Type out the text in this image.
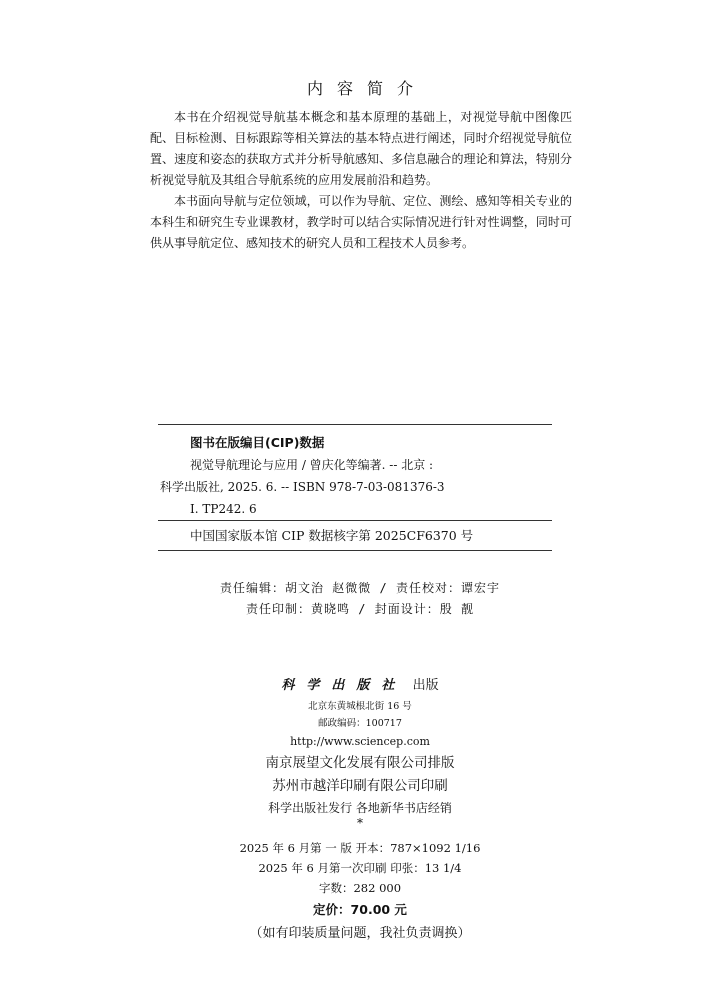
内容简介

本书在介绍视觉导航基本概念和基本原理的基础上，对视觉导航中图像匹配、目标检测、目标跟踪等相关算法的基本特点进行阐述，同时介绍视觉导航位置、速度和姿态的获取方式并分析导航感知、多信息融合的理论和算法，特别分析视觉导航及其组合导航系统的应用发展前沿和趋势。

本书面向导航与定位领域，可以作为导航、定位、测绘、感知等相关专业的本科生和研究生专业课教材，教学时可以结合实际情况进行针对性调整，同时可供从事导航定位、感知技术的研究人员和工程技术人员参考。

图书在版编目(CIP)数据
视觉导航理论与应用 / 曾庆化等编著. -- 北京 :
科学出版社, 2025. 6. -- ISBN 978-7-03-081376-3
Ⅰ. TP242. 6
中国国家版本馆 CIP 数据核字第 2025CF6370 号
责任编辑：胡文治 赵微微 / 责任校对：谭宏宇
责任印制：黄晓鸣 / 封面设计：殷 靓
科学出版社 出版
北京东黄城根北街 16 号
邮政编码：100717
http://www.sciencep.com
南京展望文化发展有限公司排版
苏州市越洋印刷有限公司印刷
科学出版社发行 各地新华书店经销
*
2025 年 6 月第 一 版 开本：787×1092 1/16
2025 年 6 月第一次印刷 印张：13 1/4
字数：282 000
定价：70.00 元
（如有印装质量问题，我社负责调换）
